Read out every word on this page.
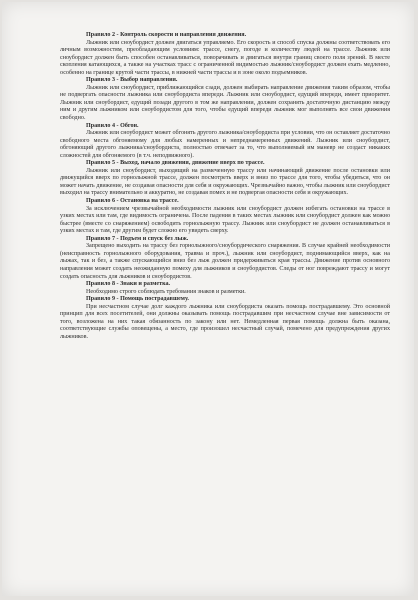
Правило 2 - Контроль скорости и направления движения.

Лыжник или сноубордист должен двигаться управляемо. Его скорость и способ спуска должны соответствовать его личным возможностям, преобладающим условиям: трассе, снегу, погоде и количеству людей на трассе. Лыжник или сноубордист должен быть способен останавливаться, поворачивать и двигаться внутри границ своего поля зрений. В месте скопления катающихся, а также на участках трасс с ограниченной видимостью лыжник/сноубордист должен ехать медленно, особенно на границе крутой части трассы, в нижней части трассы и в зоне около подъемников.

Правило 3 - Выбор направления.

Лыжник или сноубордист, приближающийся сзади, должен выбирать направление движения таким образом, чтобы не подвергать опасности лыжника или сноубордиста впереди. Лыжник или сноубордист, едущий впереди, имеет приоритет. Лыжник или сноубордист, едущий позади другого в том же направлении, должен сохранять достаточную дистанцию между ним и другим лыжником или сноубордистом для того, чтобы едущий впереди лыжник мог выполнять все свои движения свободно.

Правило 4 - Обгон.

Лыжник или сноубордист может обгонять другого лыжника/сноубордиста при условии, что он оставляет достаточно свободного места обгоняемому для любых намеренных и непреднамеренных движений. Лыжник или сноубордист, обгоняющий другого лыжника/сноубордиста, полностью отвечает за то, что выполняемый им маневр не создаст никаких сложностей для обгоняемого (в т.ч. неподвижного).

Правило 5 - Выход, начало движения, движение вверх по трассе.

Лыжник или сноубордист, выходящий на размеченную трассу или начинающий движение после остановки или движущийся вверх по горнолыжной трассе, должен посмотреть вверх и вниз по трассе для того, чтобы убедиться, что он может начать движение, не создавая опасности для себя и окружающих. Чрезвычайно важно, чтобы лыжник или сноубордист выходил на трассу внимательно и аккуратно, не создавая помех и не подвергая опасности себя и окружающих.

Правило 6 - Остановка на трассе.

За исключением чрезвычайной необходимости лыжник или сноубордист должен избегать остановки на трассе в узких местах или там, где видимость ограничена. После падения в таких местах лыжник или сноубордист должен как можно быстрее (вместе со снаряжением) освободить горнолыжную трассу. Лыжник или сноубордист не должен останавливаться в узких местах и там, где другим будет сложно его увидеть сверху.

Правило 7 - Подъем и спуск без лыж.

Запрещено выходить на трассу без горнолыжного/сноубордического снаряжения. В случае крайней необходимости (неисправность горнолыжного оборудования, травма и проч.), лыжник или сноубордист, поднимающийся вверх, как на лыжах, так и без, а также спускающийся вниз без лыж должен придерживаться края трассы. Движение против основного направления может создать неожиданную помеху для лыжников и сноубордистов. Следы от ног повреждают трассу и могут создать опасность для лыжников и сноубордистов.

Правило 8 - Знаки и разметка.

Необходимо строго соблюдать требования знаков и разметки.

Правило 9 - Помощь пострадавшему.

При несчастном случае долг каждого лыжника или сноубордиста оказать помощь пострадавшему. Это основной принцип для всех посетителей, они должны оказывать помощь пострадавшим при несчастном случае вне зависимости от того, возложена на них такая обязанность по закону или нет. Немедленная первая помощь должна быть оказана, соответствующие службы оповещены, а место, где произошел несчастный случай, помечено для предупреждения других лыжников.
